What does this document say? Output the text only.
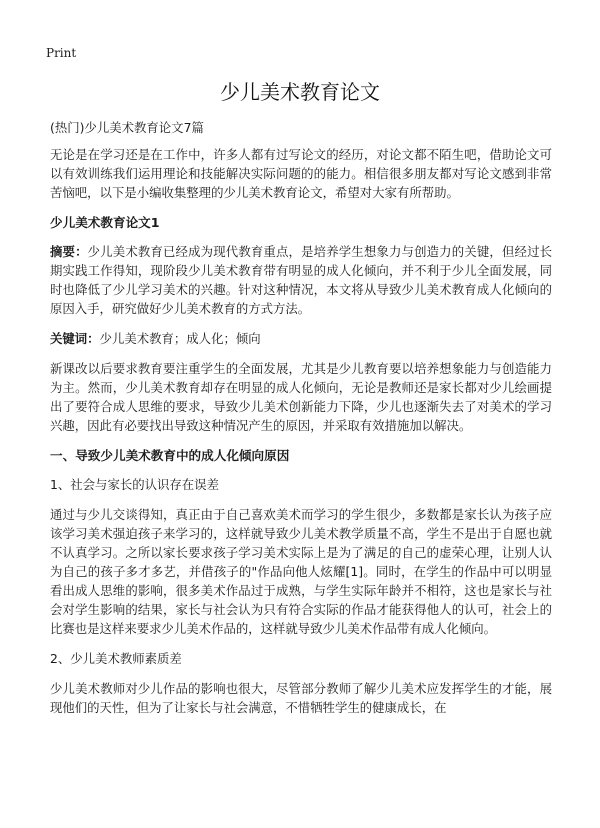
Print
少儿美术教育论文

(热门)少儿美术教育论文7篇

无论是在学习还是在工作中，许多人都有过写论文的经历，对论文都不陌生吧，借助论文可以有效训练我们运用理论和技能解决实际问题的的能力。相信很多朋友都对写论文感到非常苦恼吧，以下是小编收集整理的少儿美术教育论文，希望对大家有所帮助。

少儿美术教育论文1

摘要：少儿美术教育已经成为现代教育重点，是培养学生想象力与创造力的关键，但经过长期实践工作得知，现阶段少儿美术教育带有明显的成人化倾向，并不利于少儿全面发展，同时也降低了少儿学习美术的兴趣。针对这种情况，本文将从导致少儿美术教育成人化倾向的原因入手，研究做好少儿美术教育的方式方法。

关键词：少儿美术教育；成人化；倾向

新课改以后要求教育要注重学生的全面发展，尤其是少儿教育要以培养想象能力与创造能力为主。然而，少儿美术教育却存在明显的成人化倾向，无论是教师还是家长都对少儿绘画提出了要符合成人思维的要求，导致少儿美术创新能力下降，少儿也逐渐失去了对美术的学习兴趣，因此有必要找出导致这种情况产生的原因，并采取有效措施加以解决。

一、导致少儿美术教育中的成人化倾向原因

1、社会与家长的认识存在误差

通过与少儿交谈得知，真正由于自己喜欢美术而学习的学生很少，多数都是家长认为孩子应该学习美术强迫孩子来学习的，这样就导致少儿美术教学质量不高，学生不是出于自愿也就不认真学习。之所以家长要求孩子学习美术实际上是为了满足的自己的虚荣心理，让别人认为自己的孩子多才多艺，并借孩子的"作品向他人炫耀[1]。同时，在学生的作品中可以明显看出成人思维的影响，很多美术作品过于成熟，与学生实际年龄并不相符，这也是家长与社会对学生影响的结果，家长与社会认为只有符合实际的作品才能获得他人的认可，社会上的比赛也是这样来要求少儿美术作品的，这样就导致少儿美术作品带有成人化倾向。

2、少儿美术教师素质差

少儿美术教师对少儿作品的影响也很大，尽管部分教师了解少儿美术应发挥学生的才能，展现他们的天性，但为了让家长与社会满意，不惜牺牲学生的健康成长，在
